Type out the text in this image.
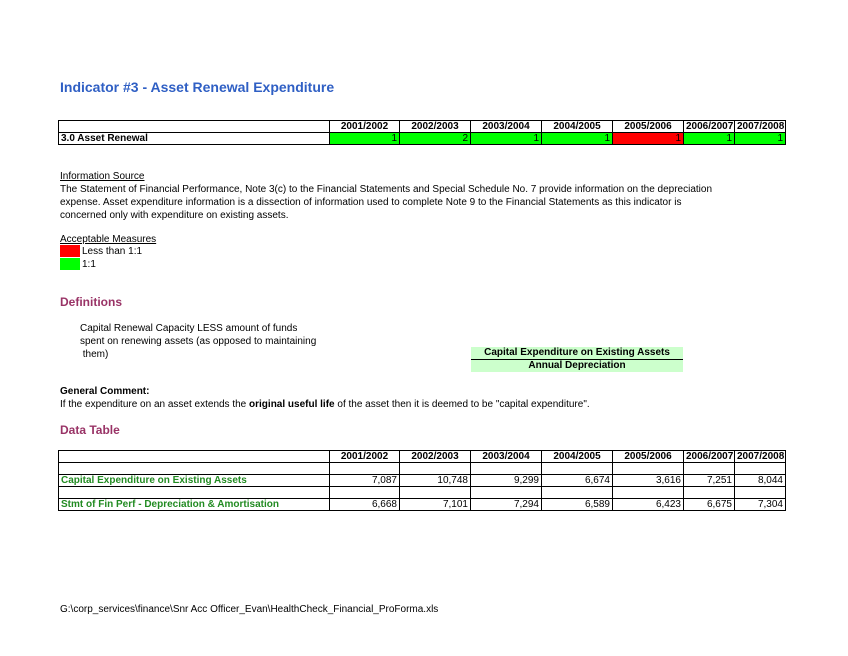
Indicator #3 - Asset Renewal Expenditure
	2001/2002	2002/2003	2003/2004	2004/2005	2005/2006	2006/2007	2007/2008
3.0 Asset Renewal	1	2	1	1	1	1	1
Information Source
The Statement of Financial Performance, Note 3(c) to the Financial Statements and Special Schedule No. 7 provide information on the depreciation
expense. Asset expenditure information is a dissection of information used to complete Note 9 to the Financial Statements as this indicator is
concerned only with expenditure on existing assets.
Acceptable Measures
Less than 1:1
1:1
Definitions
Capital Renewal Capacity LESS amount of funds
spent on renewing assets (as opposed to maintaining
them)	Capital Expenditure on Existing Assets
Annual Depreciation
General Comment:
If the expenditure on an asset extends the original useful life of the asset then it is deemed to be "capital expenditure".
Data Table
	2001/2002	2002/2003	2003/2004	2004/2005	2005/2006	2006/2007	2007/2008

Capital Expenditure on Existing Assets	7,087	10,748	9,299	6,674	3,616	7,251	8,044

Stmt of Fin Perf - Depreciation & Amortisation	6,668	7,101	7,294	6,589	6,423	6,675	7,304
G:\corp_services\finance\Snr Acc Officer_Evan\HealthCheck_Financial_ProForma.xls
